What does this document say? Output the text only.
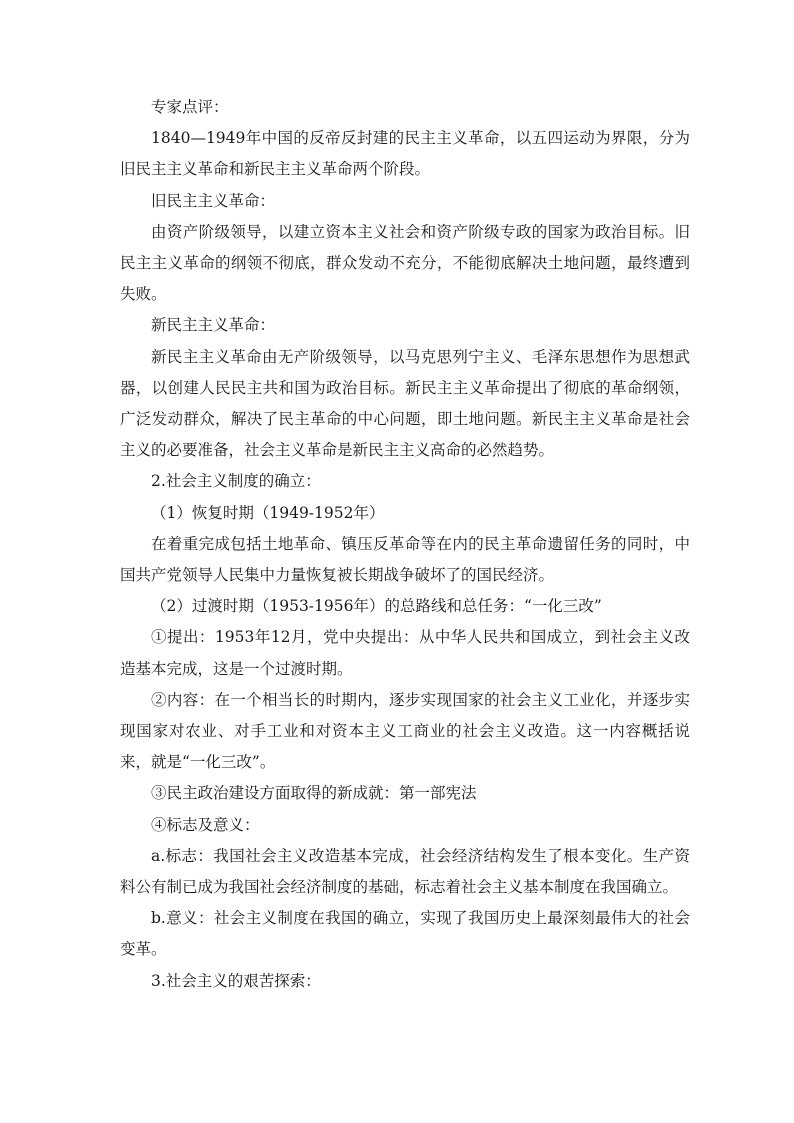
专家点评：

1840—1949年中国的反帝反封建的民主主义革命，以五四运动为界限，分为旧民主主义革命和新民主主义革命两个阶段。

旧民主主义革命：

由资产阶级领导，以建立资本主义社会和资产阶级专政的国家为政治目标。旧民主主义革命的纲领不彻底，群众发动不充分，不能彻底解决土地问题，最终遭到失败。

新民主主义革命：

新民主主义革命由无产阶级领导，以马克思列宁主义、毛泽东思想作为思想武器，以创建人民民主共和国为政治目标。新民主主义革命提出了彻底的革命纲领，广泛发动群众，解决了民主革命的中心问题，即土地问题。新民主主义革命是社会主义的必要准备，社会主义革命是新民主主义高命的必然趋势。

2.社会主义制度的确立：

（1）恢复时期（1949-1952年）

在着重完成包括土地革命、镇压反革命等在内的民主革命遗留任务的同时，中国共产党领导人民集中力量恢复被长期战争破坏了的国民经济。

（2）过渡时期（1953-1956年）的总路线和总任务：“一化三改”

①提出：1953年12月，党中央提出：从中华人民共和国成立，到社会主义改造基本完成，这是一个过渡时期。

②内容：在一个相当长的时期内，逐步实现国家的社会主义工业化，并逐步实现国家对农业、对手工业和对资本主义工商业的社会主义改造。这一内容概括说来，就是“一化三改”。

③民主政治建设方面取得的新成就：第一部宪法

④标志及意义：

a.标志：我国社会主义改造基本完成，社会经济结构发生了根本变化。生产资料公有制已成为我国社会经济制度的基础，标志着社会主义基本制度在我国确立。

b.意义：社会主义制度在我国的确立，实现了我国历史上最深刻最伟大的社会变革。

3.社会主义的艰苦探索：
